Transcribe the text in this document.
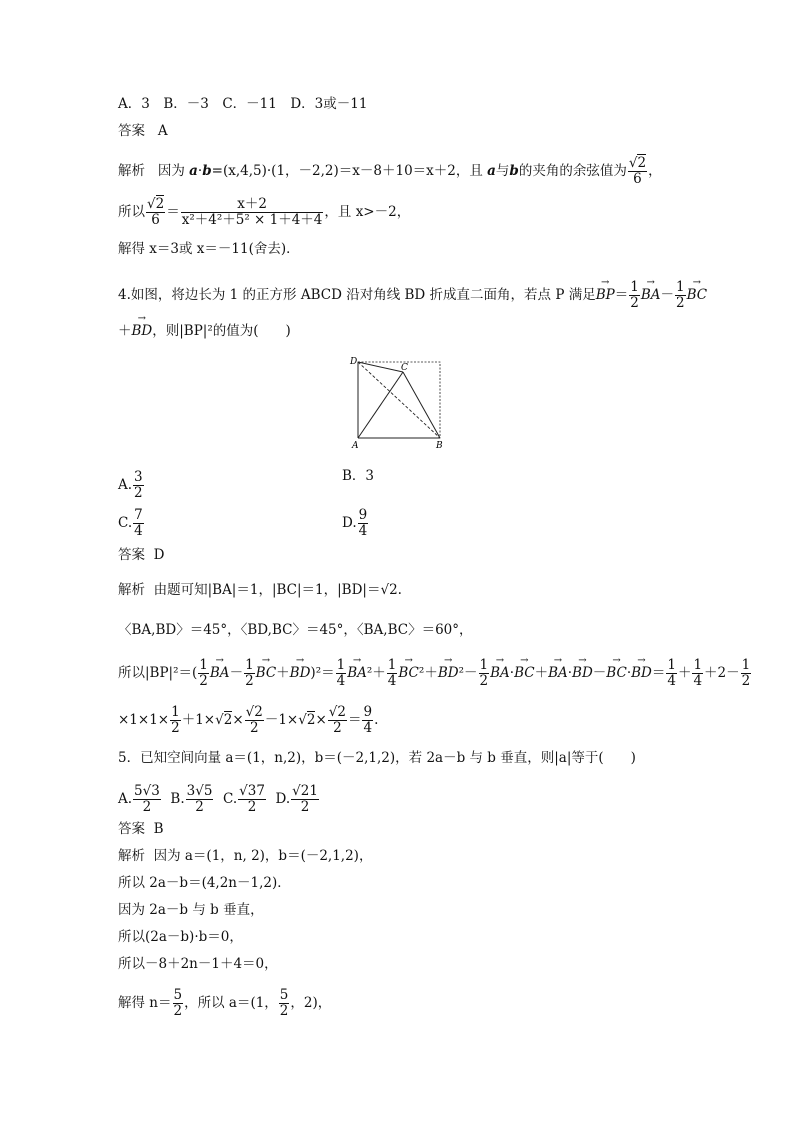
A．3　B．－3　C．－11　D．3或－11
答案 A
解析 因为 a·b=(x,4,5)·(1，－2,2)＝x－8＋10＝x＋2，且 a与b的夹角的余弦值为 $\frac{√2}{6}$ ，
所以 $\frac{√2}{6} = \frac{x+2}{\text{x²＋4²＋5² × 1＋4＋4}}$ ，且 x>－2，
解得 x＝3或 x＝－11(舍去)．
4.如图，将边长为 1 的正方形 ABCD 沿对角线 BD 折成直二面角，若点 P 满足→ $BP= \frac{1}{2}$
→ $BA- \frac{1}{2}$
→ BC
＋→ BD，则|BP|²的值为(　　)
D
C
A	B
A. $\frac{3}{2}$	B．3
C. $\frac{7}{4}$	D. $\frac{9}{4}$
答案 D
解析 由题可知|BA|＝1，|BC|＝1，|BD|＝√2.
〈BA,BD〉＝45°，〈BD,BC〉＝45°，〈BA,BC〉＝60°，
所以$|BP|^2=( \frac{1}{2}$
→ $BA- \frac{1}{2}$
→ $BC+\to BD)^2= \frac{1}{4}$
→ $BA^2+ \frac{1}{4}$
→ $BC^2+\to BD^2- \frac{1}{2}$
→ $BA\cdot\to BC+\to BA\cdot\to BD-\to BC\cdot\to BD= \frac{1}{4} + \frac{1}{4} +2- \frac{1}{2}$
$\times 1\times 1\times \frac{1}{2} +1\times√2\times \frac{√2}{2} -1\times√2\times \frac{√2}{2} = \frac{9}{4}$ .
5．已知空间向量 a＝(1，n,2)，b＝(－2,1,2)，若 2a－b 与 b 垂直，则|a|等于(　　)
A. $\frac{5√3}{2} B$. $\frac{3√5}{2} C$. $\frac{√37}{2} D$. $\frac{√21}{2}$
答案 B
解析 因为 a＝(1，n, 2)，b＝(－2,1,2)，
所以 2a－b＝(4,2n－1,2)．
因为 2a－b 与 b 垂直，
所以(2a－b)·b＝0，
所以－8＋2n－1＋4＝0，
解得 $n= \frac{5}{2}$ ，所以 a＝(1， $\frac{5}{2}$ ，2)，
